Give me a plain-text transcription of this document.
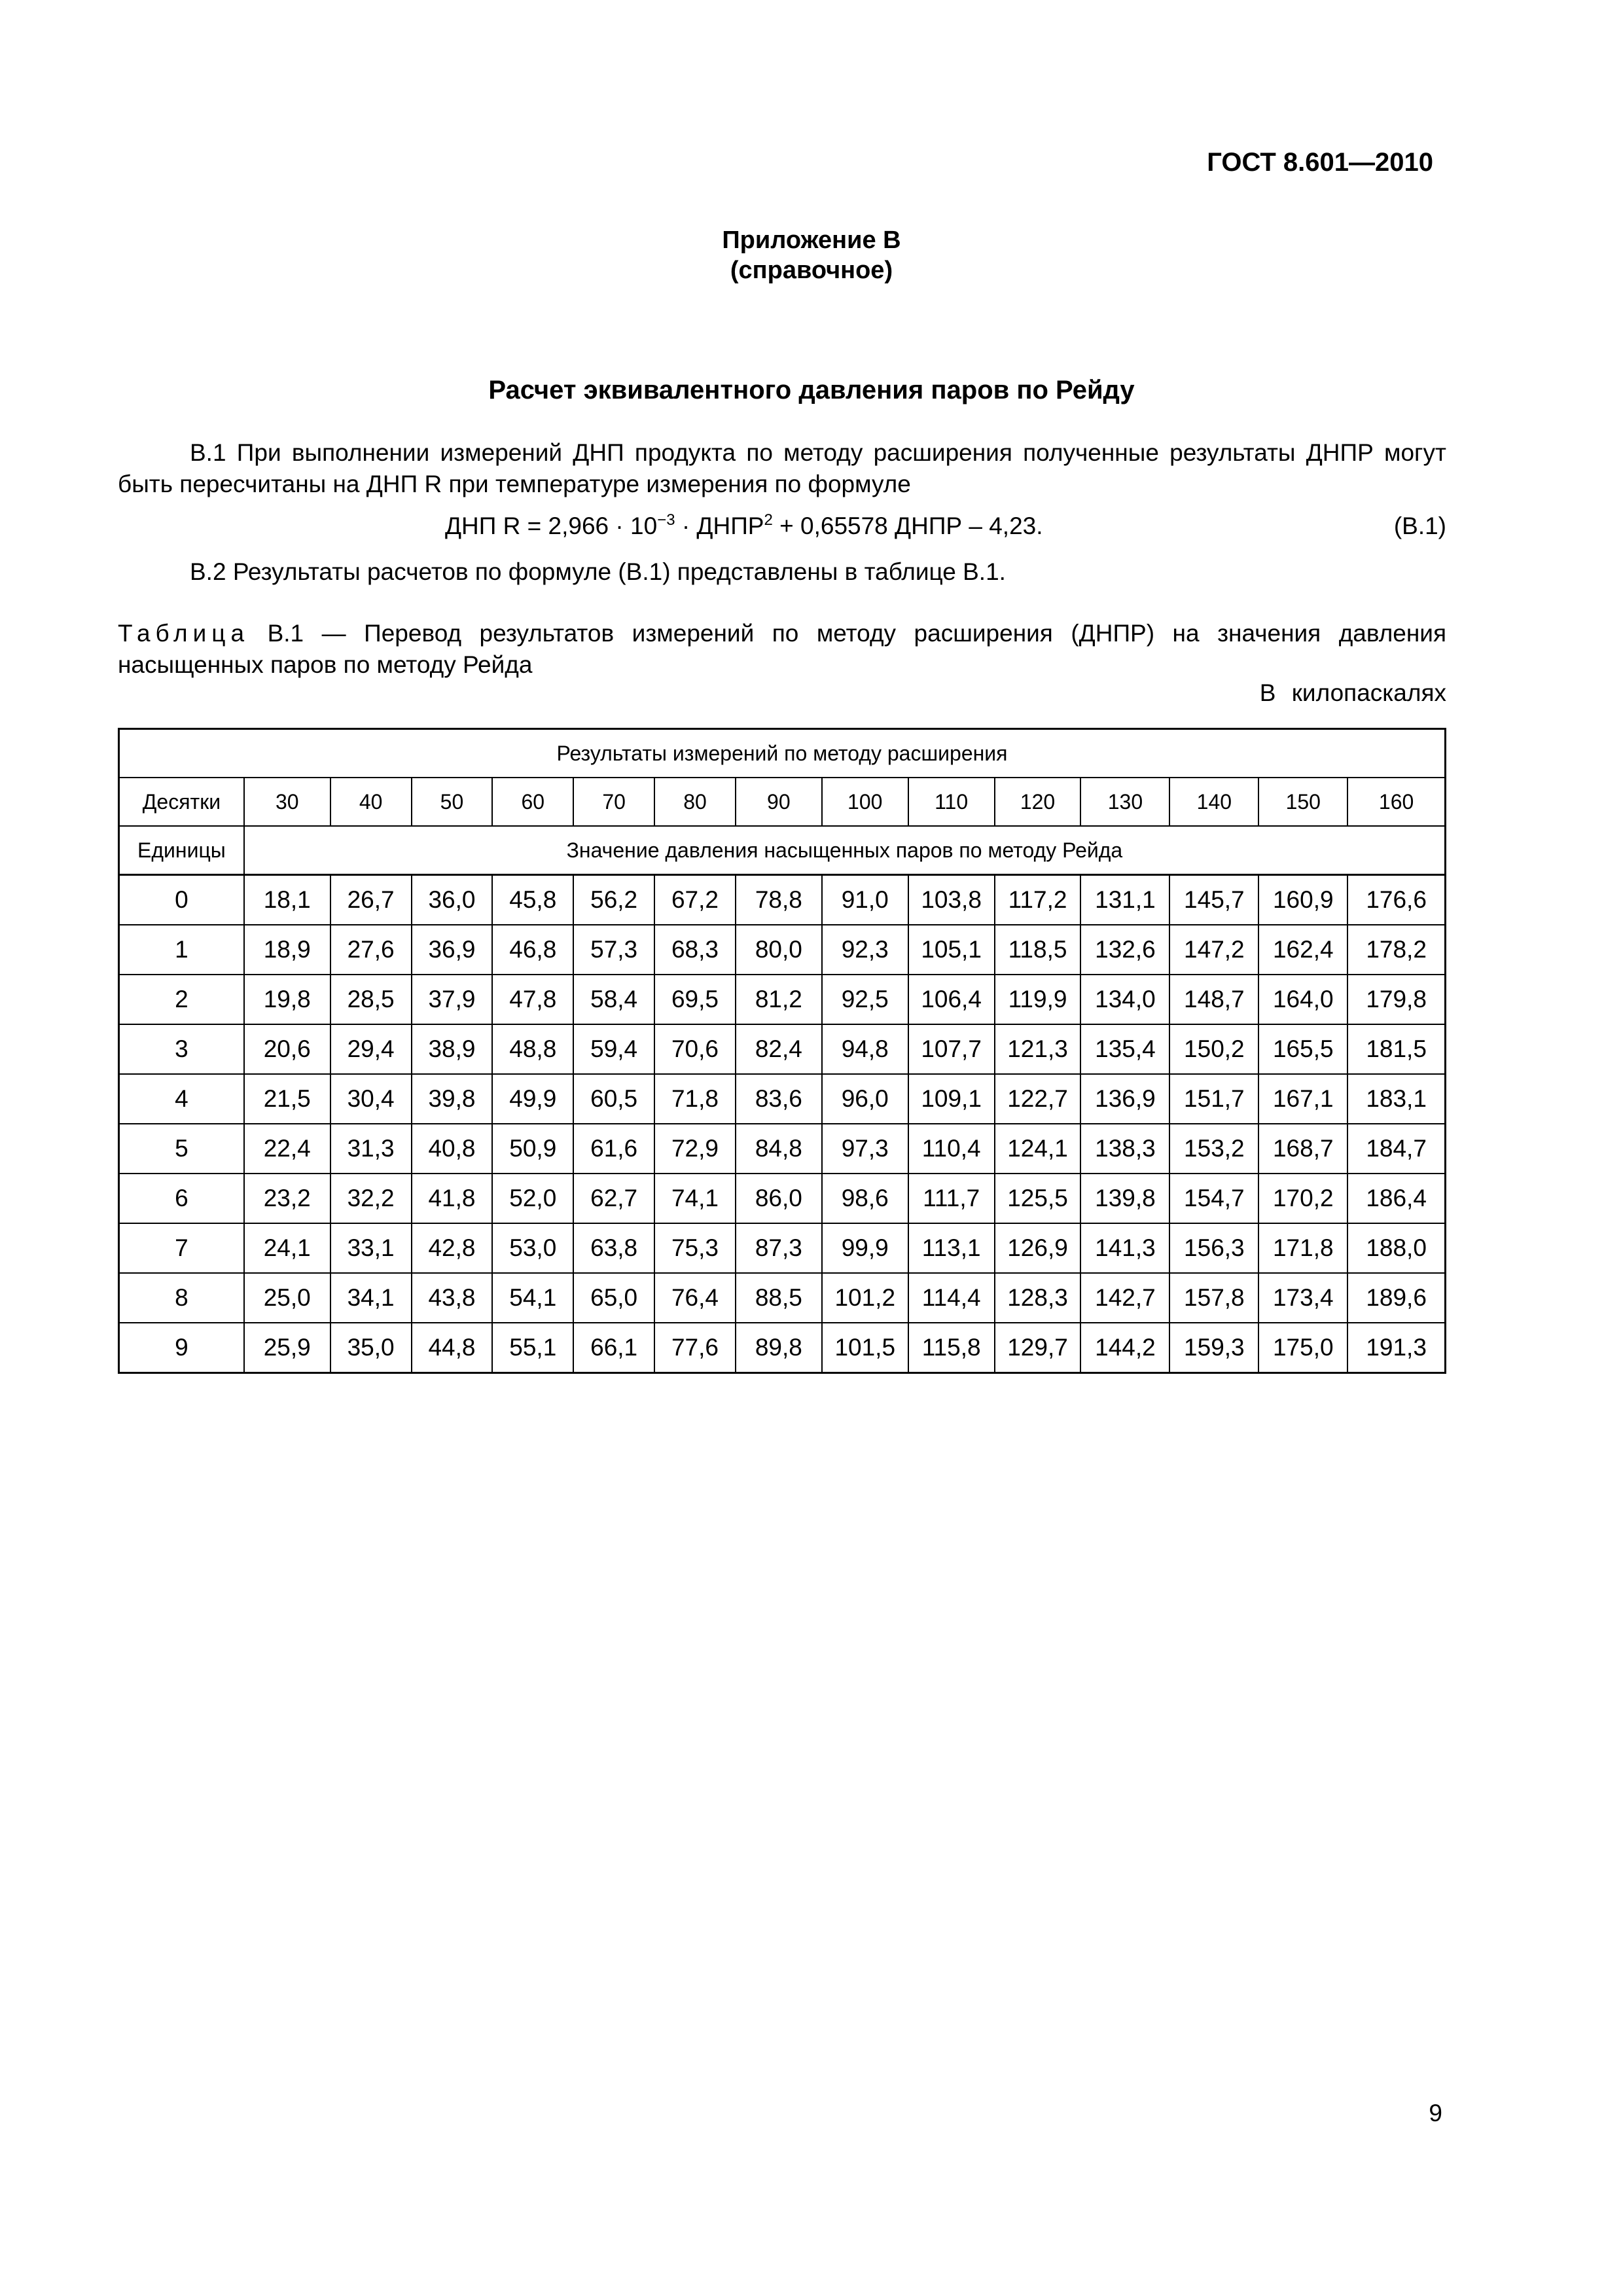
ГОСТ 8.601—2010
Приложение В
(справочное)
Расчет эквивалентного давления паров по Рейду
В.1 При выполнении измерений ДНП продукта по методу расширения полученные результаты ДНПР могут быть пересчитаны на ДНП R при температуре измерения по формуле
ДНП $R = 2,966 \cdot 10^{-3}$ · $ДНПР^2 + 0,65578$ ДНПР – 4,23.	(В.1)
В.2 Результаты расчетов по формуле (В.1) представлены в таблице В.1.
Таблица В.1 — Перевод результатов измерений по методу расширения (ДНПР) на значения давления насыщенных паров по методу Рейда
В килопаскалях
Результаты измерений по методу расширения														
Десятки	30	40	50	60	70	80	90	100	110	120	130	140	150	160
Единицы	Значение давления насыщенных паров по методу Рейда													
0	18,1	26,7	36,0	45,8	56,2	67,2	78,8	91,0	103,8	117,2	131,1	145,7	160,9	176,6
1	18,9	27,6	36,9	46,8	57,3	68,3	80,0	92,3	105,1	118,5	132,6	147,2	162,4	178,2
2	19,8	28,5	37,9	47,8	58,4	69,5	81,2	92,5	106,4	119,9	134,0	148,7	164,0	179,8
3	20,6	29,4	38,9	48,8	59,4	70,6	82,4	94,8	107,7	121,3	135,4	150,2	165,5	181,5
4	21,5	30,4	39,8	49,9	60,5	71,8	83,6	96,0	109,1	122,7	136,9	151,7	167,1	183,1
5	22,4	31,3	40,8	50,9	61,6	72,9	84,8	97,3	110,4	124,1	138,3	153,2	168,7	184,7
6	23,2	32,2	41,8	52,0	62,7	74,1	86,0	98,6	111,7	125,5	139,8	154,7	170,2	186,4
7	24,1	33,1	42,8	53,0	63,8	75,3	87,3	99,9	113,1	126,9	141,3	156,3	171,8	188,0
8	25,0	34,1	43,8	54,1	65,0	76,4	88,5	101,2	114,4	128,3	142,7	157,8	173,4	189,6
9	25,9	35,0	44,8	55,1	66,1	77,6	89,8	101,5	115,8	129,7	144,2	159,3	175,0	191,3
9
